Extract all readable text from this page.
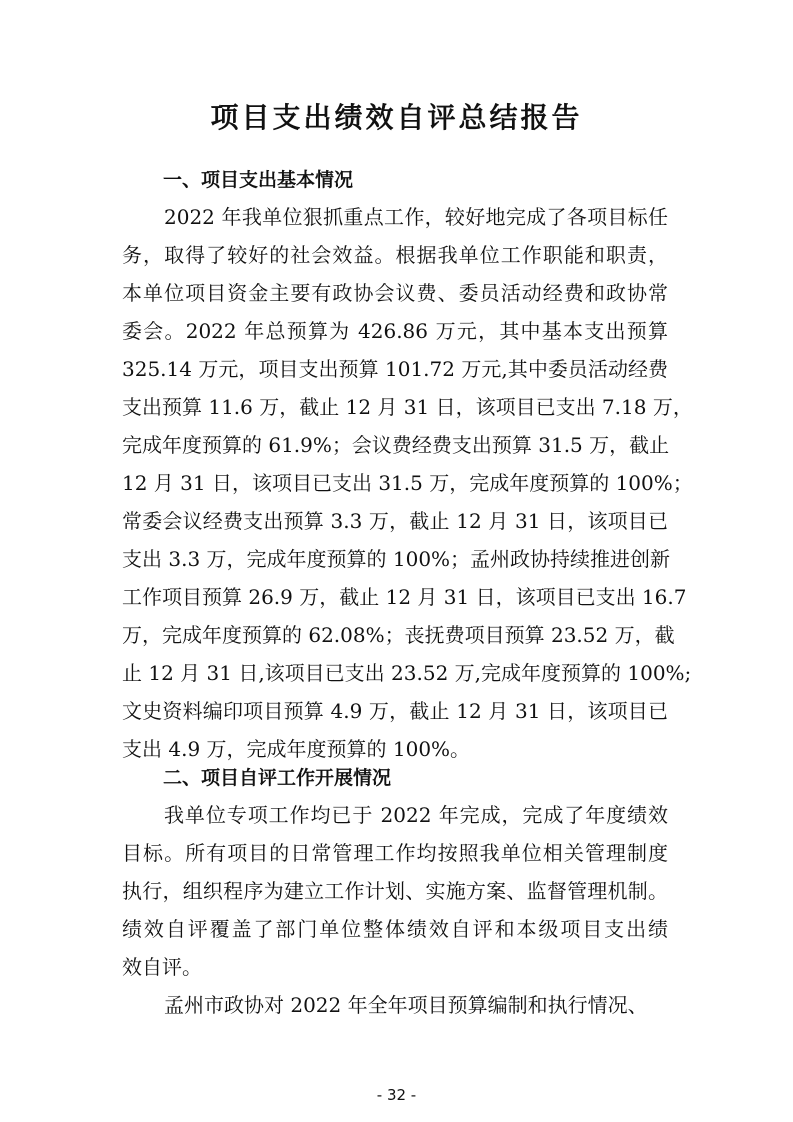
项目支出绩效自评总结报告
一、项目支出基本情况

2022 年我单位狠抓重点工作，较好地完成了各项目标任

务，取得了较好的社会效益。根据我单位工作职能和职责，

本单位项目资金主要有政协会议费、委员活动经费和政协常

委会。2022 年总预算为 426.86 万元，其中基本支出预算

325.14 万元，项目支出预算 101.72 万元,其中委员活动经费

支出预算 11.6 万，截止 12 月 31 日，该项目已支出 7.18 万，

完成年度预算的 61.9%；会议费经费支出预算 31.5 万，截止

12 月 31 日，该项目已支出 31.5 万，完成年度预算的 100%；

常委会议经费支出预算 3.3 万，截止 12 月 31 日，该项目已

支出 3.3 万，完成年度预算的 100%；孟州政协持续推进创新

工作项目预算 26.9 万，截止 12 月 31 日，该项目已支出 16.7

万，完成年度预算的 62.08%；丧抚费项目预算 23.52 万，截

止 12 月 31 日,该项目已支出 23.52 万,完成年度预算的 100%;

文史资料编印项目预算 4.9 万，截止 12 月 31 日，该项目已

支出 4.9 万，完成年度预算的 100%。

二、项目自评工作开展情况

我单位专项工作均已于 2022 年完成，完成了年度绩效

目标。所有项目的日常管理工作均按照我单位相关管理制度

执行，组织程序为建立工作计划、实施方案、监督管理机制。

绩效自评覆盖了部门单位整体绩效自评和本级项目支出绩

效自评。

孟州市政协对 2022 年全年项目预算编制和执行情况、

- 32 -
